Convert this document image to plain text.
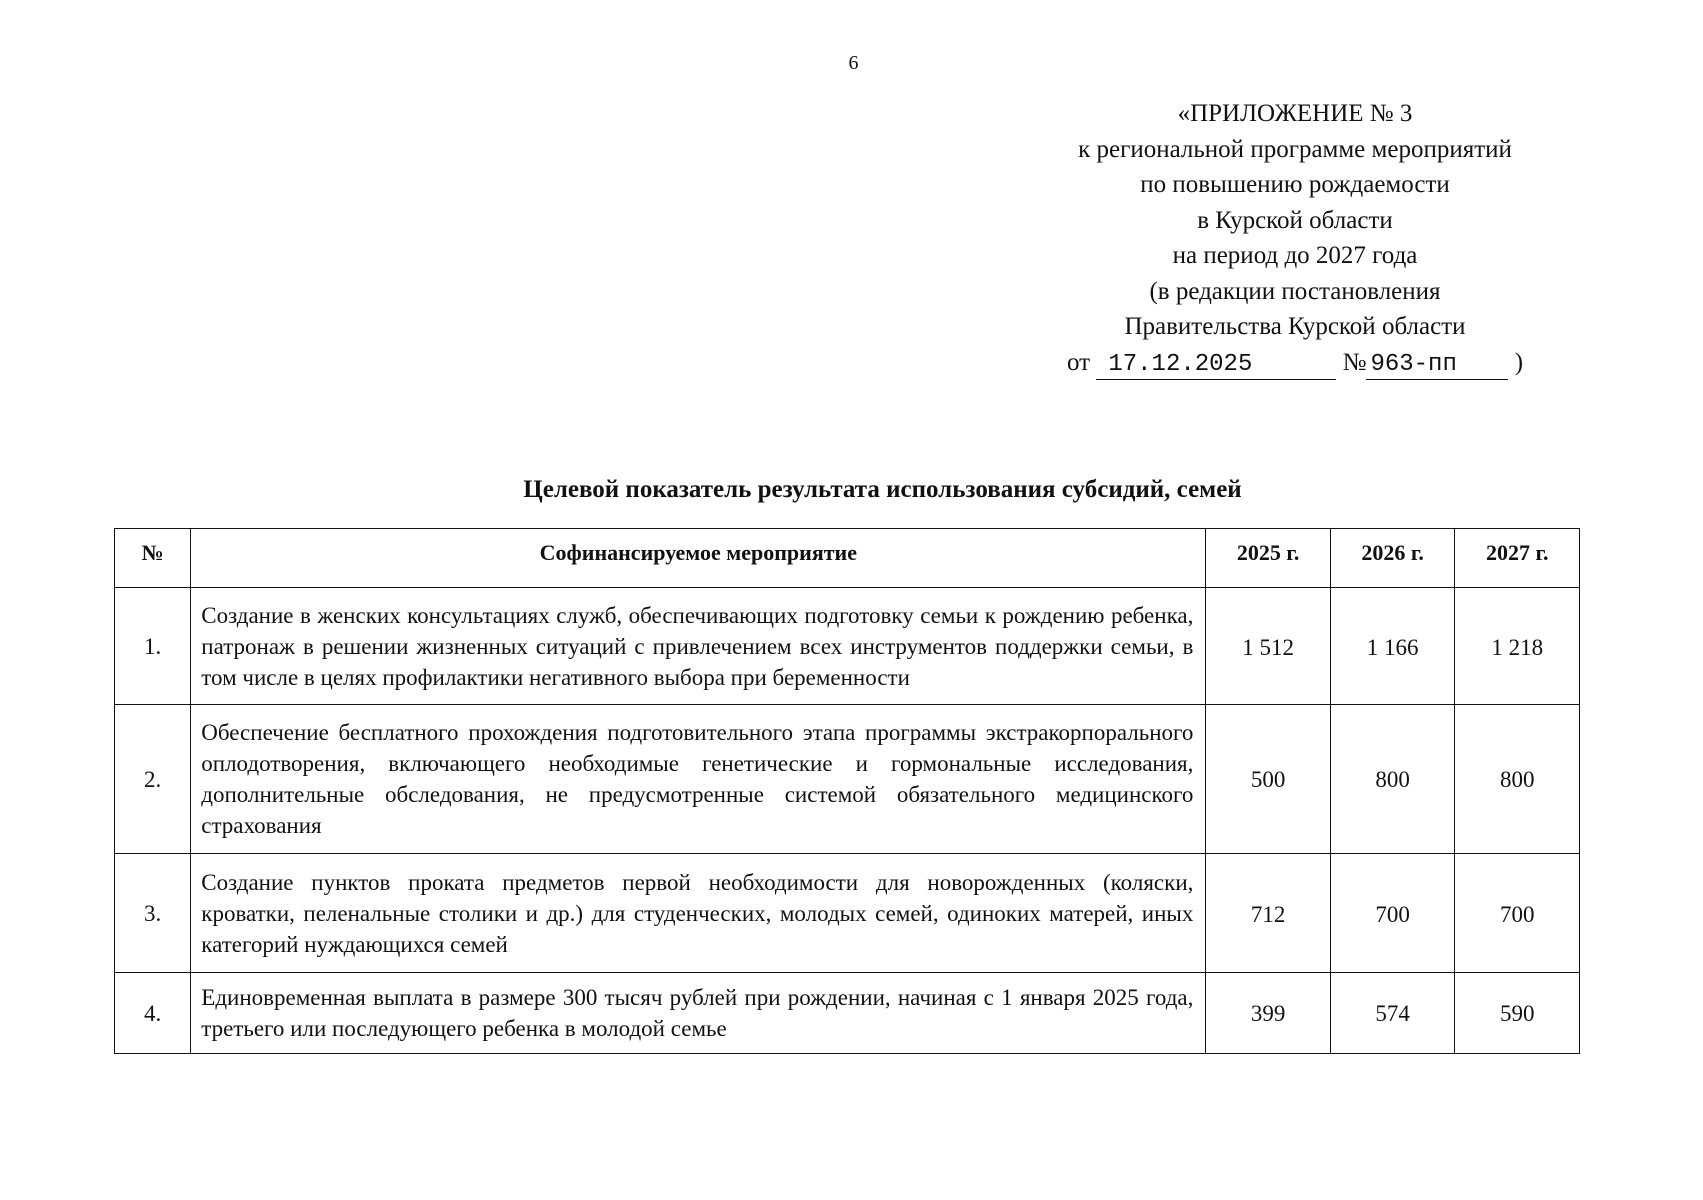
6
«ПРИЛОЖЕНИЕ № 3
к региональной программе мероприятий
по повышению рождаемости
в Курской области
на период до 2027 года
(в редакции постановления
Правительства Курской области
от 17.12.2025	№ 963-пп )
Целевой показатель результата использования субсидий, семей
№	Софинансируемое мероприятие	2025 г.	2026 г.	2027 г.
1.	Создание в женских консультациях служб, обеспечивающих подготовку семьи к рождению ребенка, патронаж в решении жизненных ситуаций с привлечением всех инструментов поддержки семьи, в том числе в целях профилактики негативного выбора при беременности	1 512	1 166	1 218
2.	Обеспечение бесплатного прохождения подготовительного этапа программы экстракорпорального оплодотворения, включающего необходимые генетические и гормональные исследования, дополнительные обследования, не предусмотренные системой обязательного медицинского страхования	500	800	800
3.	Создание пунктов проката предметов первой необходимости для новорожденных (коляски, кроватки, пеленальные столики и др.) для студенческих, молодых семей, одиноких матерей, иных категорий нуждающихся семей	712	700	700
4.	Единовременная выплата в размере 300 тысяч рублей при рождении, начиная с 1 января 2025 года, третьего или последующего ребенка в молодой семье	399	574	590
